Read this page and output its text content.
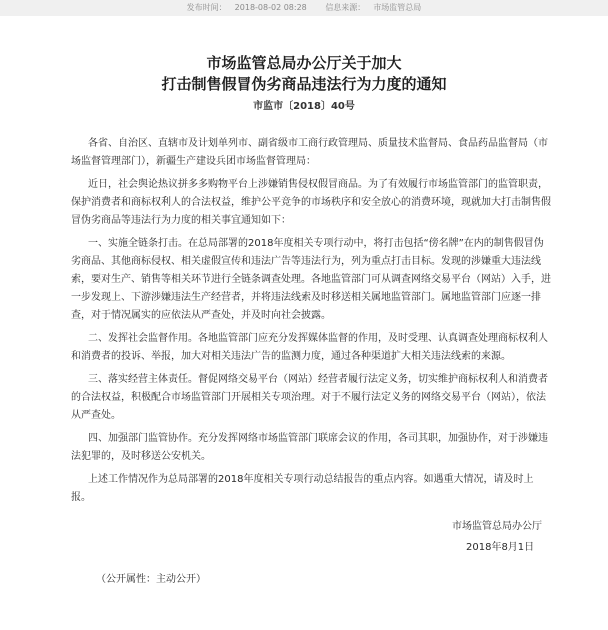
发布时间： 2018-08-02 08:28 信息来源： 市场监管总局
市场监管总局办公厅关于加大
打击制售假冒伪劣商品违法行为力度的通知
市监市〔2018〕40号
各省、自治区、直辖市及计划单列市、副省级市工商行政管理局、质量技术监督局、食品药品监督局（市
场监督管理部门），新疆生产建设兵团市场监督管理局：
近日，社会舆论热议拼多多购物平台上涉嫌销售侵权假冒商品。为了有效履行市场监管部门的监管职责，
保护消费者和商标权利人的合法权益，维护公平竞争的市场秩序和安全放心的消费环境，现就加大打击制售假
冒伪劣商品等违法行为力度的相关事宜通知如下：
一、实施全链条打击。在总局部署的2018年度相关专项行动中，将打击包括“傍名牌”在内的制售假冒伪
劣商品、其他商标侵权、相关虚假宣传和违法广告等违法行为，列为重点打击目标。发现的涉嫌重大违法线
索，要对生产、销售等相关环节进行全链条调查处理。各地监管部门可从调查网络交易平台（网站）入手，进
一步发现上、下游涉嫌违法生产经营者，并将违法线索及时移送相关属地监管部门。属地监管部门应逐一排
查，对于情况属实的应依法从严查处，并及时向社会披露。
二、发挥社会监督作用。各地监管部门应充分发挥媒体监督的作用，及时受理、认真调查处理商标权利人
和消费者的投诉、举报，加大对相关违法广告的监测力度，通过各种渠道扩大相关违法线索的来源。
三、落实经营主体责任。督促网络交易平台（网站）经营者履行法定义务，切实维护商标权利人和消费者
的合法权益，积极配合市场监管部门开展相关专项治理。对于不履行法定义务的网络交易平台（网站），依法
从严查处。
四、加强部门监管协作。充分发挥网络市场监管部门联席会议的作用，各司其职，加强协作，对于涉嫌违
法犯罪的，及时移送公安机关。
上述工作情况作为总局部署的2018年度相关专项行动总结报告的重点内容。如遇重大情况，请及时上
报。
市场监管总局办公厅
2018年8月1日
（公开属性：主动公开）
